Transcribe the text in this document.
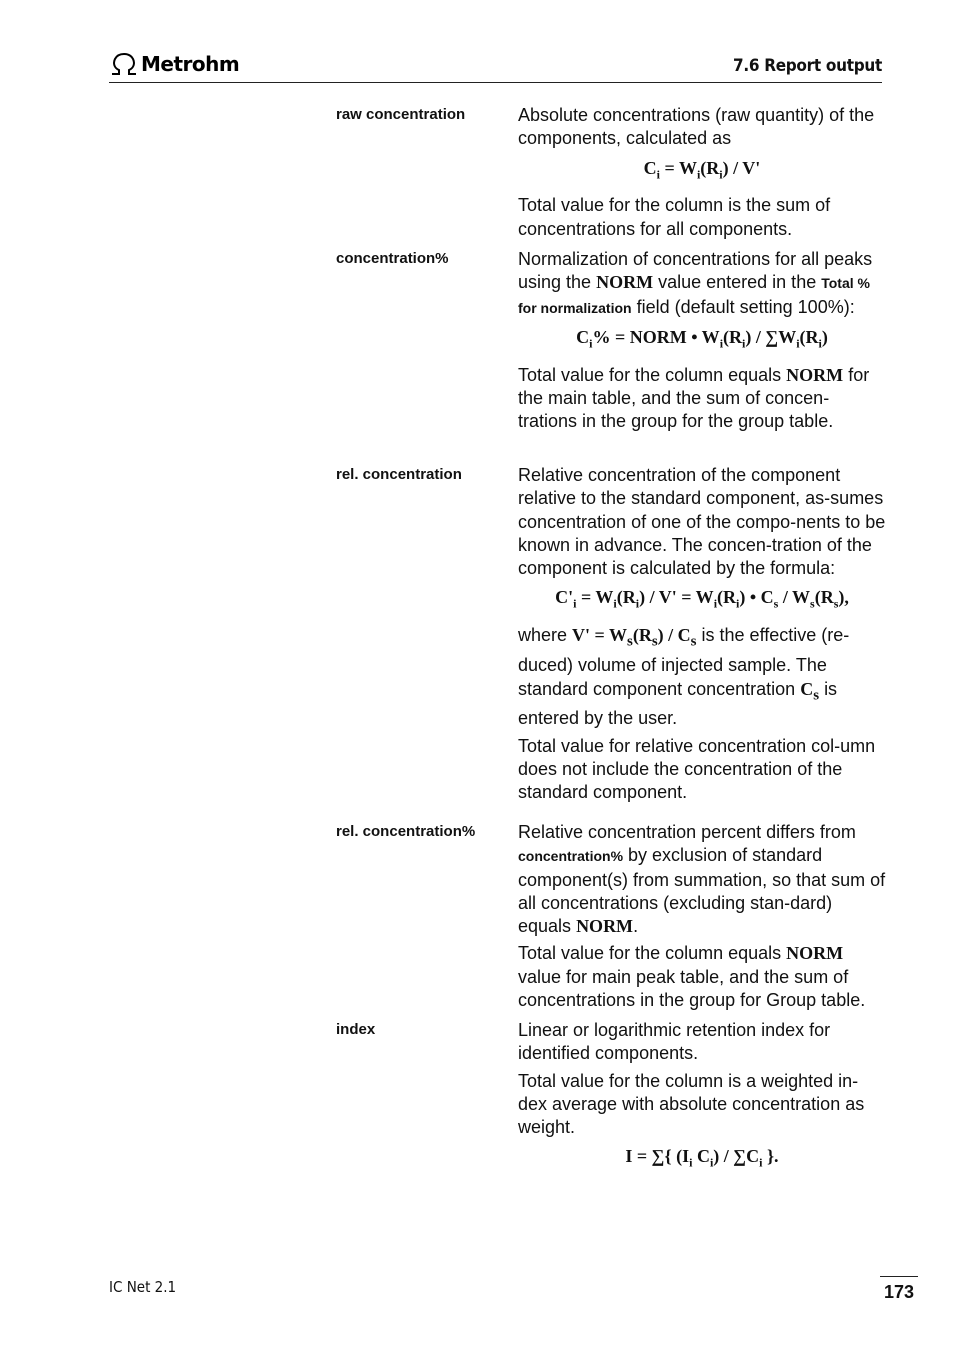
Metrohm	7.6 Report output
raw concentration	Absolute concentrations (raw quantity) of the components, calculated as

$C_i = W_i(R_i) / V'$

Total value for the column is the sum of concentrations for all components.

concentration%	Normalization of concentrations for all peaks using the NORM value entered in the Total % for normalization field (default setting 100%):

$C_i\%$ = NORM • $W_i(R_i) / \sum W_i(R_i)$

Total value for the column equals NORM for the main table, and the sum of concen-trations in the group for the group table.

rel. concentration	Relative concentration of the component relative to the standard component, as-sumes concentration of one of the compo-nents to be known in advance. The concen-tration of the component is calculated by the formula:

$C'_i = W_i(R_i) / V' = W_i(R_i)$ • $C_s / W_s(R_s)$,

where $V' = W_s(R_s) / C_s$ is the effective (re-duced) volume of injected sample. The standard component concentration $C_s$ is entered by the user.

Total value for relative concentration col-umn does not include the concentration of the standard component.

rel. concentration%	Relative concentration percent differs from concentration% by exclusion of standard component(s) from summation, so that sum of all concentrations (excluding stan-dard) equals NORM.

Total value for the column equals NORM value for main peak table, and the sum of concentrations in the group for Group table.

index	Linear or logarithmic retention index for identified components.

Total value for the column is a weighted in-dex average with absolute concentration as weight.

I = ∑{ ($I_i$ $C_i) / \sum C_i$ }.
IC Net 2.1	173
